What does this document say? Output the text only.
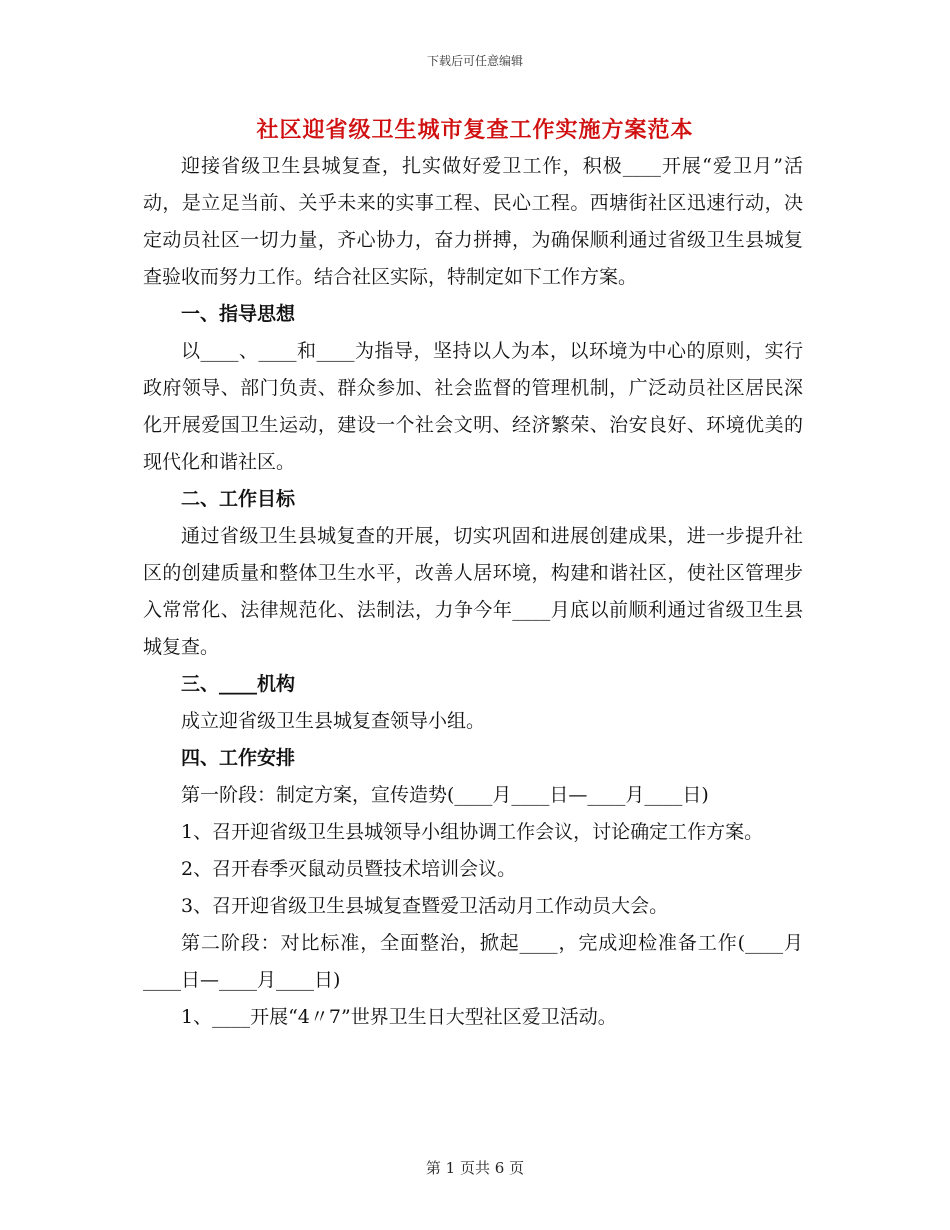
下载后可任意编辑
社区迎省级卫生城市复查工作实施方案范本

迎接省级卫生县城复查，扎实做好爱卫工作，积极____开展“爱卫月”活动，是立足当前、关乎未来的实事工程、民心工程。西塘街社区迅速行动，决定动员社区一切力量，齐心协力，奋力拼搏，为确保顺利通过省级卫生县城复查验收而努力工作。结合社区实际，特制定如下工作方案。

一、指导思想

以____、____和____为指导，坚持以人为本，以环境为中心的原则，实行政府领导、部门负责、群众参加、社会监督的管理机制，广泛动员社区居民深化开展爱国卫生运动，建设一个社会文明、经济繁荣、治安良好、环境优美的现代化和谐社区。

二、工作目标

通过省级卫生县城复查的开展，切实巩固和进展创建成果，进一步提升社区的创建质量和整体卫生水平，改善人居环境，构建和谐社区，使社区管理步入常常化、法律规范化、法制法，力争今年____月底以前顺利通过省级卫生县城复查。

三、____机构

成立迎省级卫生县城复查领导小组。

四、工作安排

第一阶段：制定方案，宣传造势(____月____日—____月____日)

1、召开迎省级卫生县城领导小组协调工作会议，讨论确定工作方案。

2、召开春季灭鼠动员暨技术培训会议。

3、召开迎省级卫生县城复查暨爱卫活动月工作动员大会。

第二阶段：对比标准，全面整治，掀起____，完成迎检准备工作(____月____日—____月____日)

1、____开展“4〃7”世界卫生日大型社区爱卫活动。

第 1 页共 6 页
